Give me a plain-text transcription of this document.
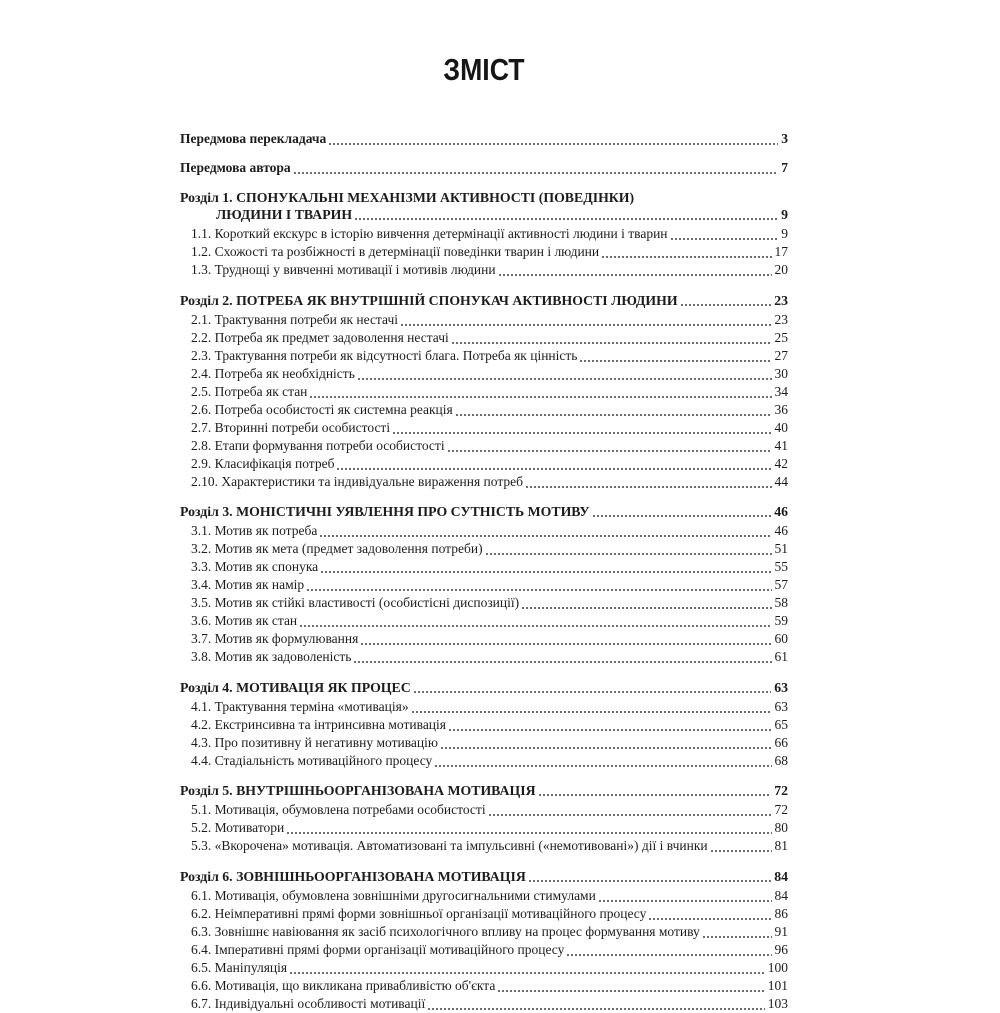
ЗМІСТ
Передмова перекладача	3
Передмова автора	7
Розділ 1. СПОНУКАЛЬНІ МЕХАНІЗМИ АКТИВНОСТІ (ПОВЕДІНКИ)
ЛЮДИНИ І ТВАРИН	9
1.1. Короткий екскурс в історію вивчення детермінації активності людини і тварин	9
1.2. Схожості та розбіжності в детермінації поведінки тварин і людини	17
1.3. Труднощі у вивченні мотивації і мотивів людини	20
Розділ 2. ПОТРЕБА ЯК ВНУТРІШНІЙ СПОНУКАЧ АКТИВНОСТІ ЛЮДИНИ	23
2.1. Трактування потреби як нестачі	23
2.2. Потреба як предмет задоволення нестачі	25
2.3. Трактування потреби як відсутності блага. Потреба як цінність	27
2.4. Потреба як необхідність	30
2.5. Потреба як стан	34
2.6. Потреба особистості як системна реакція	36
2.7. Вторинні потреби особистості	40
2.8. Етапи формування потреби особистості	41
2.9. Класифікація потреб	42
2.10. Характеристики та індивідуальне вираження потреб	44
Розділ 3. МОНІСТИЧНІ УЯВЛЕННЯ ПРО СУТНІСТЬ МОТИВУ	46
3.1. Мотив як потреба	46
3.2. Мотив як мета (предмет задоволення потреби)	51
3.3. Мотив як спонука	55
3.4. Мотив як намір	57
3.5. Мотив як стійкі властивості (особистісні диспозиції)	58
3.6. Мотив як стан	59
3.7. Мотив як формулювання	60
3.8. Мотив як задоволеність	61
Розділ 4. МОТИВАЦІЯ ЯК ПРОЦЕС	63
4.1. Трактування терміна «мотивація»	63
4.2. Екстринсивна та інтринсивна мотивація	65
4.3. Про позитивну й негативну мотивацію	66
4.4. Стадіальність мотиваційного процесу	68
Розділ 5. ВНУТРІШНЬООРГАНІЗОВАНА МОТИВАЦІЯ	72
5.1. Мотивація, обумовлена потребами особистості	72
5.2. Мотиватори	80
5.3. «Вкорочена» мотивація. Автоматизовані та імпульсивні («немотивовані») дії і вчинки	81
Розділ 6. ЗОВНІШНЬООРГАНІЗОВАНА МОТИВАЦІЯ	84
6.1. Мотивація, обумовлена зовнішніми другосигнальними стимулами	84
6.2. Неімперативні прямі форми зовнішньої організації мотиваційного процесу	86
6.3. Зовнішнє навіювання як засіб психологічного впливу на процес формування мотиву	91
6.4. Імперативні прямі форми організації мотиваційного процесу	96
6.5. Маніпуляція	100
6.6. Мотивація, що викликана привабливістю об'єкта	101
6.7. Індивідуальні особливості мотивації	103
